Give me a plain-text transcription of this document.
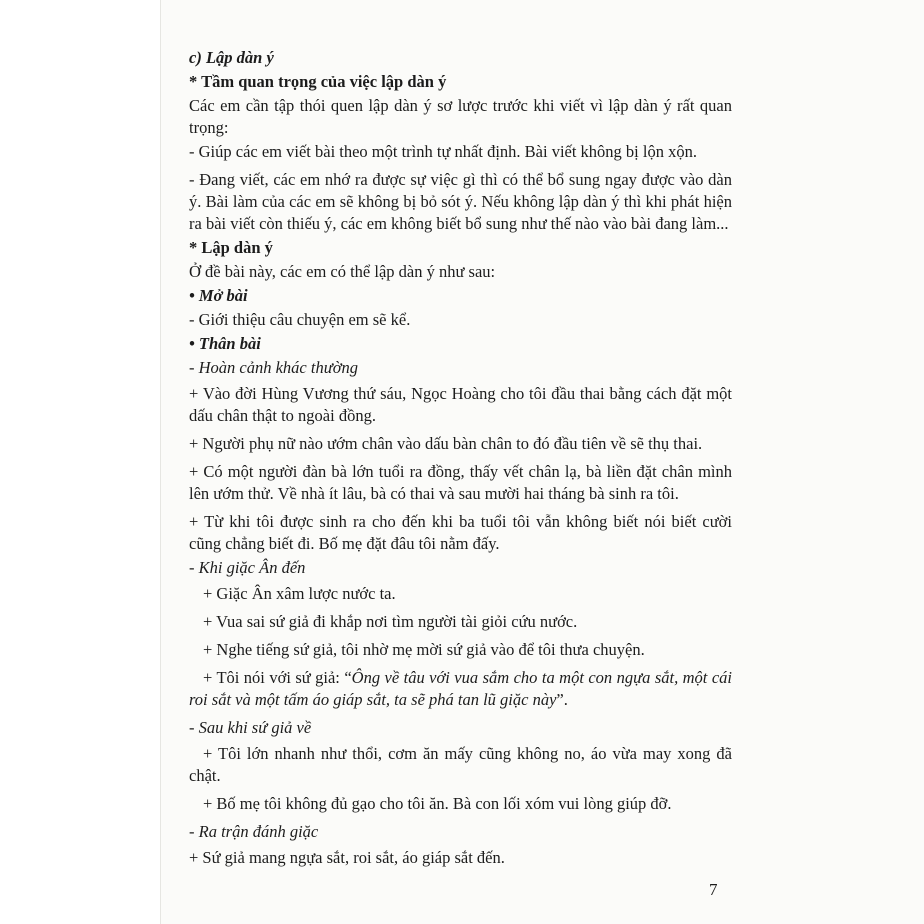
c) Lập dàn ý

* Tầm quan trọng của việc lập dàn ý

Các em cần tập thói quen lập dàn ý sơ lược trước khi viết vì lập dàn ý rất quan trọng:

- Giúp các em viết bài theo một trình tự nhất định. Bài viết không bị lộn xộn.

- Đang viết, các em nhớ ra được sự việc gì thì có thể bổ sung ngay được vào dàn ý. Bài làm của các em sẽ không bị bỏ sót ý. Nếu không lập dàn ý thì khi phát hiện ra bài viết còn thiếu ý, các em không biết bổ sung như thế nào vào bài đang làm...

* Lập dàn ý

Ở đề bài này, các em có thể lập dàn ý như sau:

• Mở bài

- Giới thiệu câu chuyện em sẽ kể.

• Thân bài

- Hoàn cảnh khác thường

+ Vào đời Hùng Vương thứ sáu, Ngọc Hoàng cho tôi đầu thai bằng cách đặt một dấu chân thật to ngoài đồng.

+ Người phụ nữ nào ướm chân vào dấu bàn chân to đó đầu tiên về sẽ thụ thai.

+ Có một người đàn bà lớn tuổi ra đồng, thấy vết chân lạ, bà liền đặt chân mình lên ướm thử. Về nhà ít lâu, bà có thai và sau mười hai tháng bà sinh ra tôi.

+ Từ khi tôi được sinh ra cho đến khi ba tuổi tôi vẫn không biết nói biết cười cũng chẳng biết đi. Bố mẹ đặt đâu tôi nằm đấy.

- Khi giặc Ân đến

+ Giặc Ân xâm lược nước ta.

+ Vua sai sứ giả đi khắp nơi tìm người tài giỏi cứu nước.

+ Nghe tiếng sứ giả, tôi nhờ mẹ mời sứ giả vào để tôi thưa chuyện.

+ Tôi nói với sứ giả: “Ông về tâu với vua sắm cho ta một con ngựa sắt, một cái roi sắt và một tấm áo giáp sắt, ta sẽ phá tan lũ giặc này”.

- Sau khi sứ giả về

+ Tôi lớn nhanh như thổi, cơm ăn mấy cũng không no, áo vừa may xong đã chật.

+ Bố mẹ tôi không đủ gạo cho tôi ăn. Bà con lối xóm vui lòng giúp đỡ.

- Ra trận đánh giặc

+ Sứ giả mang ngựa sắt, roi sắt, áo giáp sắt đến.

7
